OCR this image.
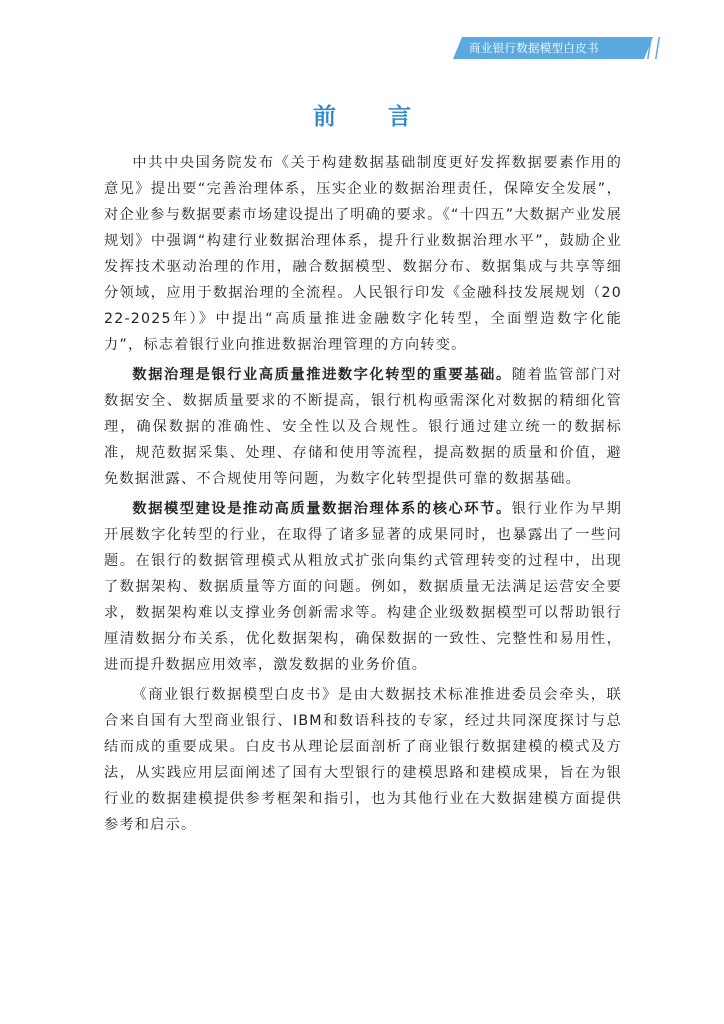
商业银行数据模型白皮书
前 言

中共中央国务院发布《关于构建数据基础制度更好发挥数据要素作用的意见》提出要“完善治理体系，压实企业的数据治理责任，保障安全发展”，对企业参与数据要素市场建设提出了明确的要求。《“十四五”大数据产业发展规划》中强调“构建行业数据治理体系，提升行业数据治理水平”，鼓励企业发挥技术驱动治理的作用，融合数据模型、数据分布、数据集成与共享等细分领域，应用于数据治理的全流程。人民银行印发《金融科技发展规划（2022-2025年）》中提出“高质量推进金融数字化转型，全面塑造数字化能力”，标志着银行业向推进数据治理管理的方向转变。

数据治理是银行业高质量推进数字化转型的重要基础。随着监管部门对数据安全、数据质量要求的不断提高，银行机构亟需深化对数据的精细化管理，确保数据的准确性、安全性以及合规性。银行通过建立统一的数据标准，规范数据采集、处理、存储和使用等流程，提高数据的质量和价值，避免数据泄露、不合规使用等问题，为数字化转型提供可靠的数据基础。

数据模型建设是推动高质量数据治理体系的核心环节。银行业作为早期开展数字化转型的行业，在取得了诸多显著的成果同时，也暴露出了一些问题。在银行的数据管理模式从粗放式扩张向集约式管理转变的过程中，出现了数据架构、数据质量等方面的问题。例如，数据质量无法满足运营安全要求，数据架构难以支撑业务创新需求等。构建企业级数据模型可以帮助银行厘清数据分布关系，优化数据架构，确保数据的一致性、完整性和易用性，进而提升数据应用效率，激发数据的业务价值。

《商业银行数据模型白皮书》是由大数据技术标准推进委员会牵头，联合来自国有大型商业银行、IBM和数语科技的专家，经过共同深度探讨与总结而成的重要成果。白皮书从理论层面剖析了商业银行数据建模的模式及方法，从实践应用层面阐述了国有大型银行的建模思路和建模成果，旨在为银行业的数据建模提供参考框架和指引，也为其他行业在大数据建模方面提供参考和启示。
